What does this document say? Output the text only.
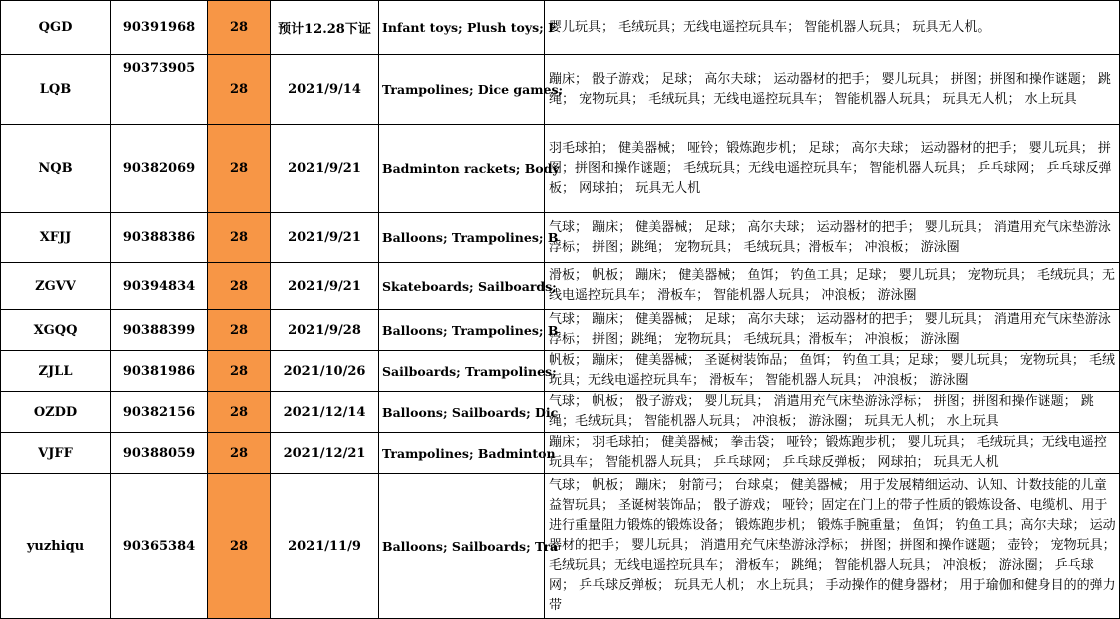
QGD	90391968	28	预计12.28下证	Infant toys; Plush toys; F	婴儿玩具； 毛绒玩具；无线电遥控玩具车； 智能机器人玩具； 玩具无人机。
LQB	90373905	28	2021/9/14	Trampolines; Dice games;	蹦床； 骰子游戏； 足球； 高尔夫球； 运动器材的把手； 婴儿玩具； 拼图；拼图和操作谜题； 跳绳； 宠物玩具； 毛绒玩具；无线电遥控玩具车； 智能机器人玩具； 玩具无人机； 水上玩具
NQB	90382069	28	2021/9/21	Badminton rackets; Body	羽毛球拍； 健美器械； 哑铃；锻炼跑步机； 足球； 高尔夫球； 运动器材的把手； 婴儿玩具； 拼图；拼图和操作谜题； 毛绒玩具；无线电遥控玩具车； 智能机器人玩具； 乒乓球网； 乒乓球反弹板； 网球拍； 玩具无人机
XFJJ	90388386	28	2021/9/21	Balloons; Trampolines; B	气球； 蹦床； 健美器械； 足球； 高尔夫球； 运动器材的把手； 婴儿玩具； 消遣用充气床垫游泳浮标； 拼图；跳绳； 宠物玩具； 毛绒玩具；滑板车； 冲浪板； 游泳圈
ZGVV	90394834	28	2021/9/21	Skateboards; Sailboards;	滑板； 帆板； 蹦床； 健美器械； 鱼饵； 钓鱼工具；足球； 婴儿玩具； 宠物玩具； 毛绒玩具；无线电遥控玩具车； 滑板车； 智能机器人玩具； 冲浪板； 游泳圈
XGQQ	90388399	28	2021/9/28	Balloons; Trampolines; B	气球； 蹦床； 健美器械； 足球； 高尔夫球； 运动器材的把手； 婴儿玩具； 消遣用充气床垫游泳浮标； 拼图；跳绳； 宠物玩具； 毛绒玩具；滑板车； 冲浪板； 游泳圈
ZJLL	90381986	28	2021/10/26	Sailboards; Trampolines;	帆板； 蹦床； 健美器械； 圣诞树装饰品； 鱼饵； 钓鱼工具；足球； 婴儿玩具； 宠物玩具； 毛绒玩具；无线电遥控玩具车； 滑板车； 智能机器人玩具； 冲浪板； 游泳圈
OZDD	90382156	28	2021/12/14	Balloons; Sailboards; Dic	气球； 帆板； 骰子游戏； 婴儿玩具； 消遣用充气床垫游泳浮标； 拼图；拼图和操作谜题； 跳绳；毛绒玩具； 智能机器人玩具； 冲浪板； 游泳圈； 玩具无人机； 水上玩具
VJFF	90388059	28	2021/12/21	Trampolines; Badminton	蹦床； 羽毛球拍； 健美器械； 拳击袋； 哑铃；锻炼跑步机； 婴儿玩具； 毛绒玩具；无线电遥控玩具车； 智能机器人玩具； 乒乓球网； 乒乓球反弹板； 网球拍； 玩具无人机
yuzhiqu	90365384	28	2021/11/9	Balloons; Sailboards; Tra	气球； 帆板； 蹦床； 射箭弓； 台球桌； 健美器械； 用于发展精细运动、认知、计数技能的儿童益智玩具； 圣诞树装饰品； 骰子游戏； 哑铃；固定在门上的带子性质的锻炼设备、电缆机、用于进行重量阻力锻炼的锻炼设备； 锻炼跑步机； 锻炼手腕重量； 鱼饵； 钓鱼工具；高尔夫球； 运动器材的把手； 婴儿玩具； 消遣用充气床垫游泳浮标； 拼图；拼图和操作谜题； 壶铃； 宠物玩具； 毛绒玩具；无线电遥控玩具车； 滑板车； 跳绳； 智能机器人玩具； 冲浪板； 游泳圈； 乒乓球网； 乒乓球反弹板； 玩具无人机； 水上玩具； 手动操作的健身器材； 用于瑜伽和健身目的的弹力带
